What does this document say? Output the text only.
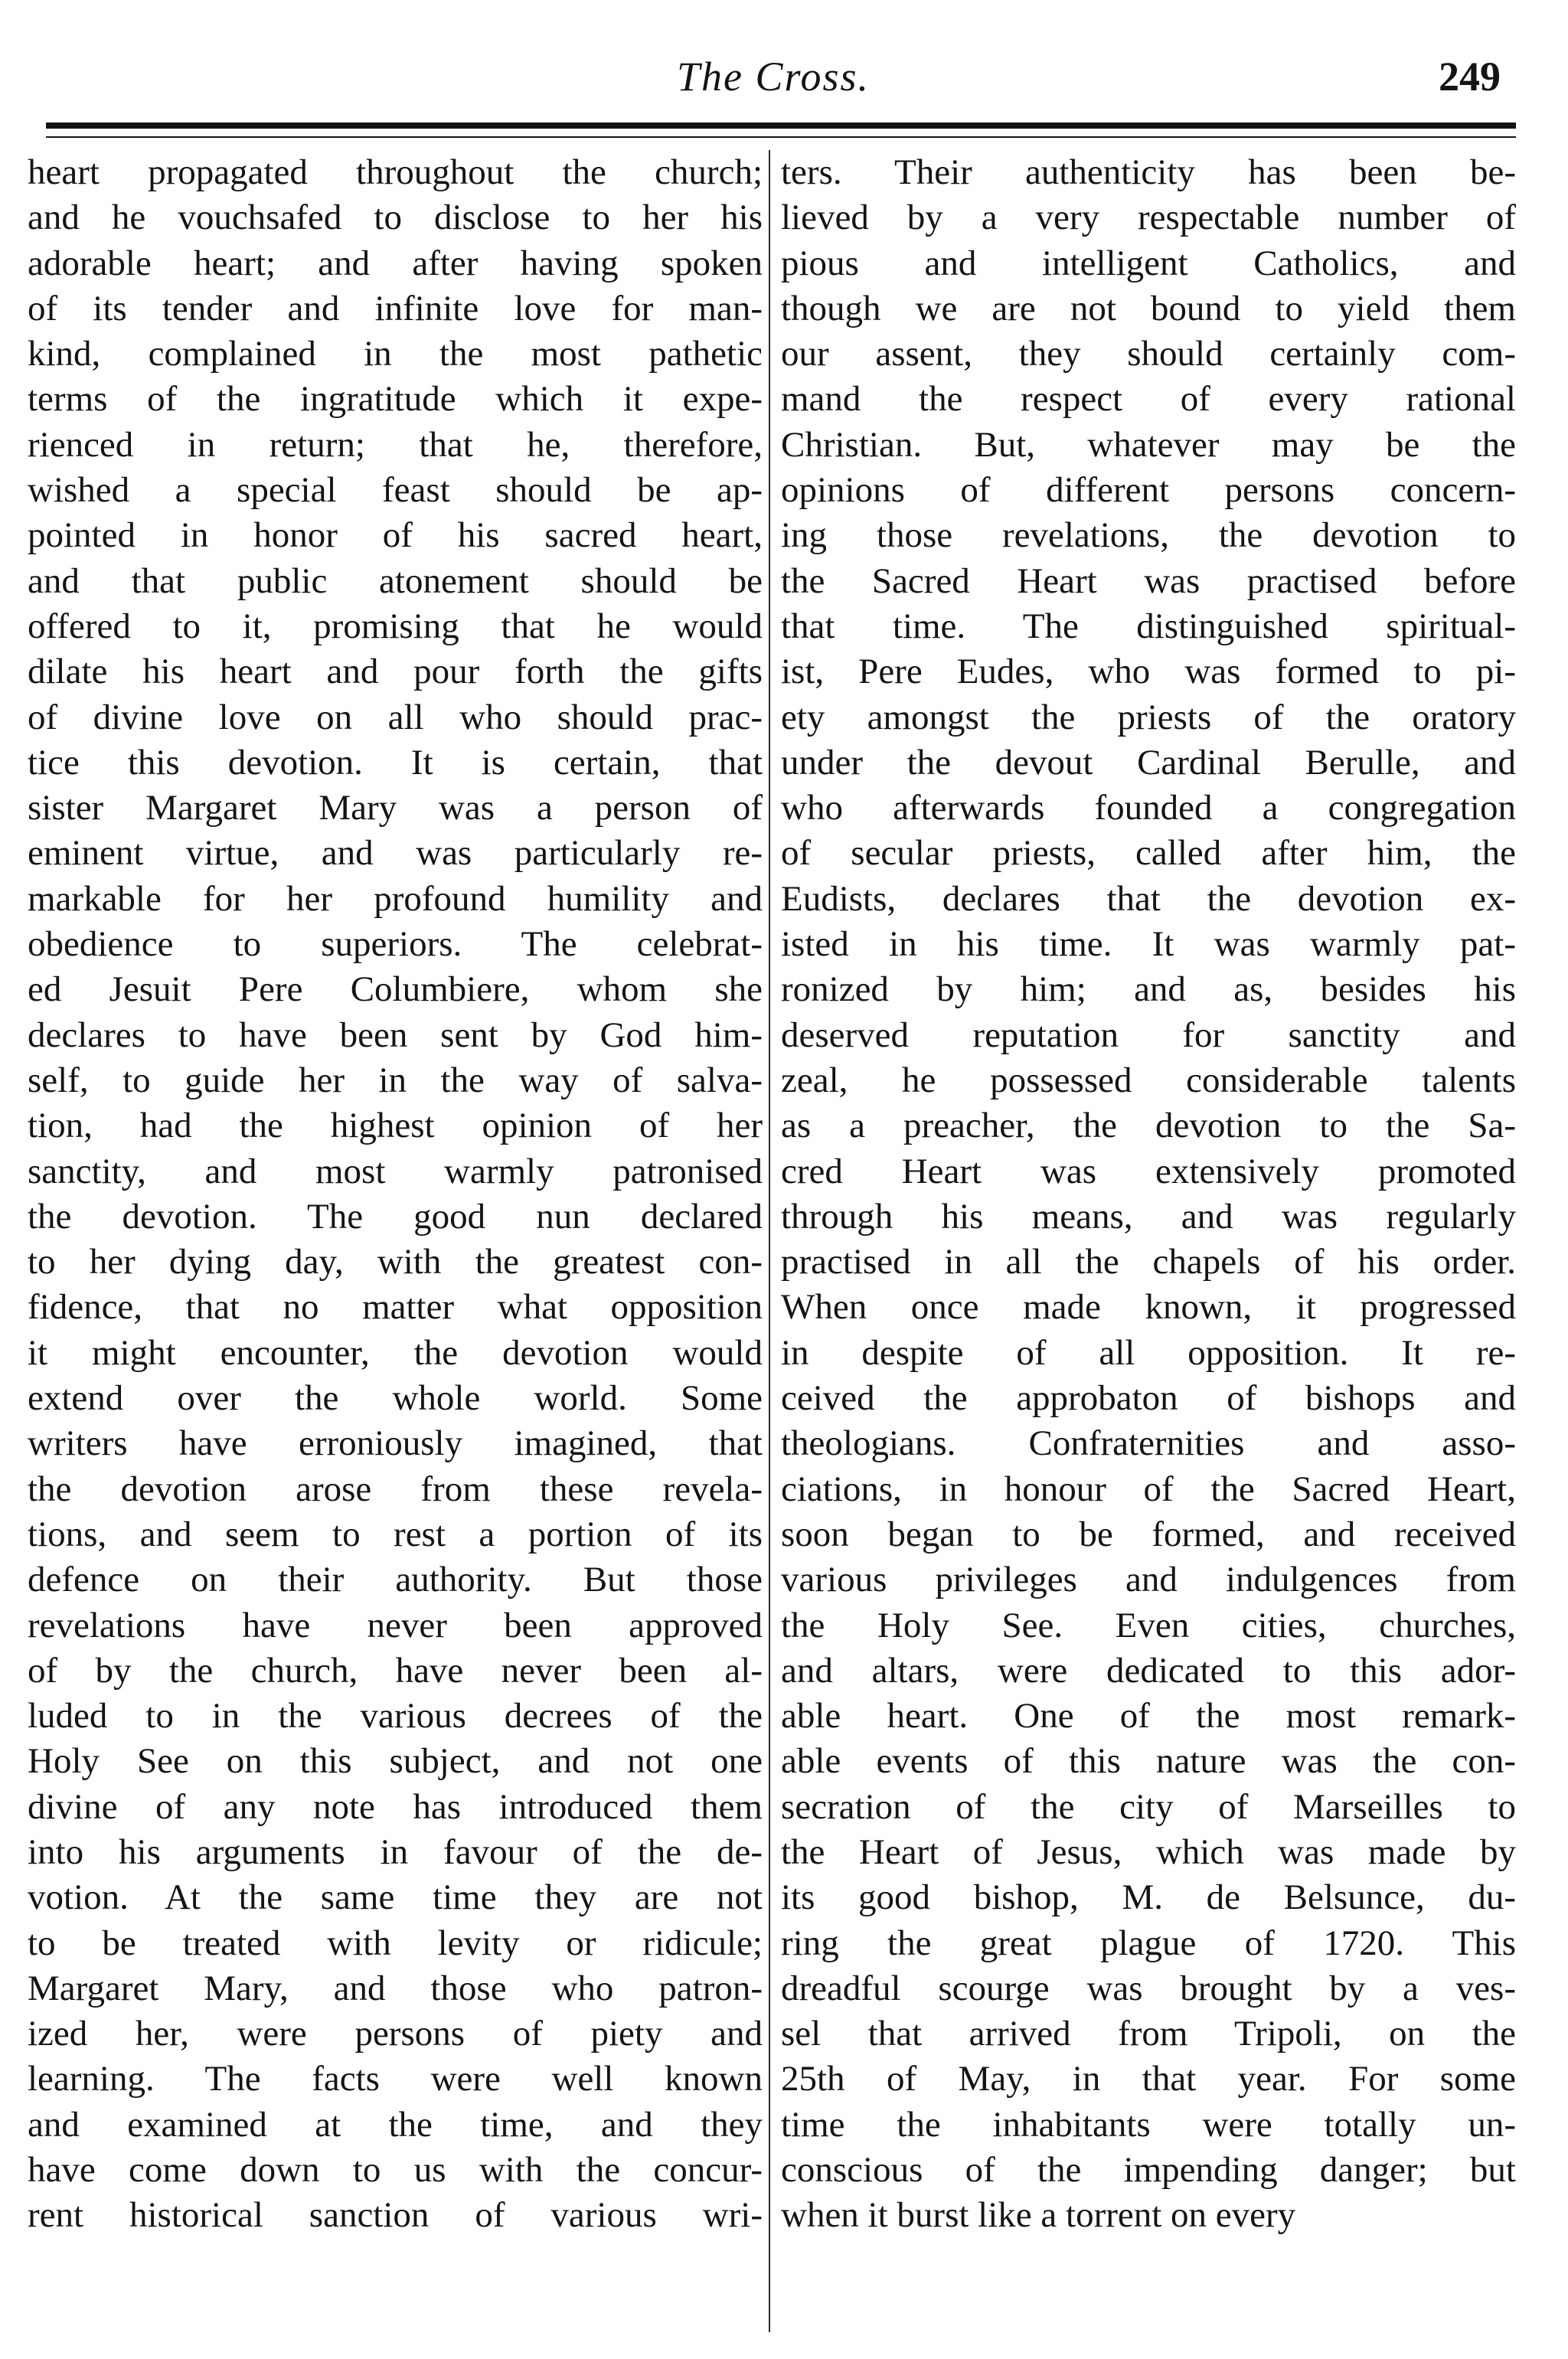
The Cross.	249
heart propagated throughout the church;
and he vouchsafed to disclose to her his
adorable heart; and after having spoken
of its tender and infinite love for man-
kind, complained in the most pathetic
terms of the ingratitude which it expe-
rienced in return; that he, therefore,
wished a special feast should be ap-
pointed in honor of his sacred heart,
and that public atonement should be
offered to it, promising that he would
dilate his heart and pour forth the gifts
of divine love on all who should prac-
tice this devotion. It is certain, that
sister Margaret Mary was a person of
eminent virtue, and was particularly re-
markable for her profound humility and
obedience to superiors. The celebrat-
ed Jesuit Pere Columbiere, whom she
declares to have been sent by God him-
self, to guide her in the way of salva-
tion, had the highest opinion of her
sanctity, and most warmly patronised
the devotion. The good nun declared
to her dying day, with the greatest con-
fidence, that no matter what opposition
it might encounter, the devotion would
extend over the whole world. Some
writers have erroniously imagined, that
the devotion arose from these revela-
tions, and seem to rest a portion of its
defence on their authority. But those
revelations have never been approved
of by the church, have never been al-
luded to in the various decrees of the
Holy See on this subject, and not one
divine of any note has introduced them
into his arguments in favour of the de-
votion. At the same time they are not
to be treated with levity or ridicule;
Margaret Mary, and those who patron-
ized her, were persons of piety and
learning. The facts were well known
and examined at the time, and they
have come down to us with the concur-
rent historical sanction of various wri-
ters. Their authenticity has been be-
lieved by a very respectable number of
pious and intelligent Catholics, and
though we are not bound to yield them
our assent, they should certainly com-
mand the respect of every rational
Christian. But, whatever may be the
opinions of different persons concern-
ing those revelations, the devotion to
the Sacred Heart was practised before
that time. The distinguished spiritual-
ist, Pere Eudes, who was formed to pi-
ety amongst the priests of the oratory
under the devout Cardinal Berulle, and
who afterwards founded a congregation
of secular priests, called after him, the
Eudists, declares that the devotion ex-
isted in his time. It was warmly pat-
ronized by him; and as, besides his
deserved reputation for sanctity and
zeal, he possessed considerable talents
as a preacher, the devotion to the Sa-
cred Heart was extensively promoted
through his means, and was regularly
practised in all the chapels of his order.
When once made known, it progressed
in despite of all opposition. It re-
ceived the approbaton of bishops and
theologians. Confraternities and asso-
ciations, in honour of the Sacred Heart,
soon began to be formed, and received
various privileges and indulgences from
the Holy See. Even cities, churches,
and altars, were dedicated to this ador-
able heart. One of the most remark-
able events of this nature was the con-
secration of the city of Marseilles to
the Heart of Jesus, which was made by
its good bishop, M. de Belsunce, du-
ring the great plague of 1720. This
dreadful scourge was brought by a ves-
sel that arrived from Tripoli, on the
25th of May, in that year. For some
time the inhabitants were totally un-
conscious of the impending danger; but
when it burst like a torrent on every
